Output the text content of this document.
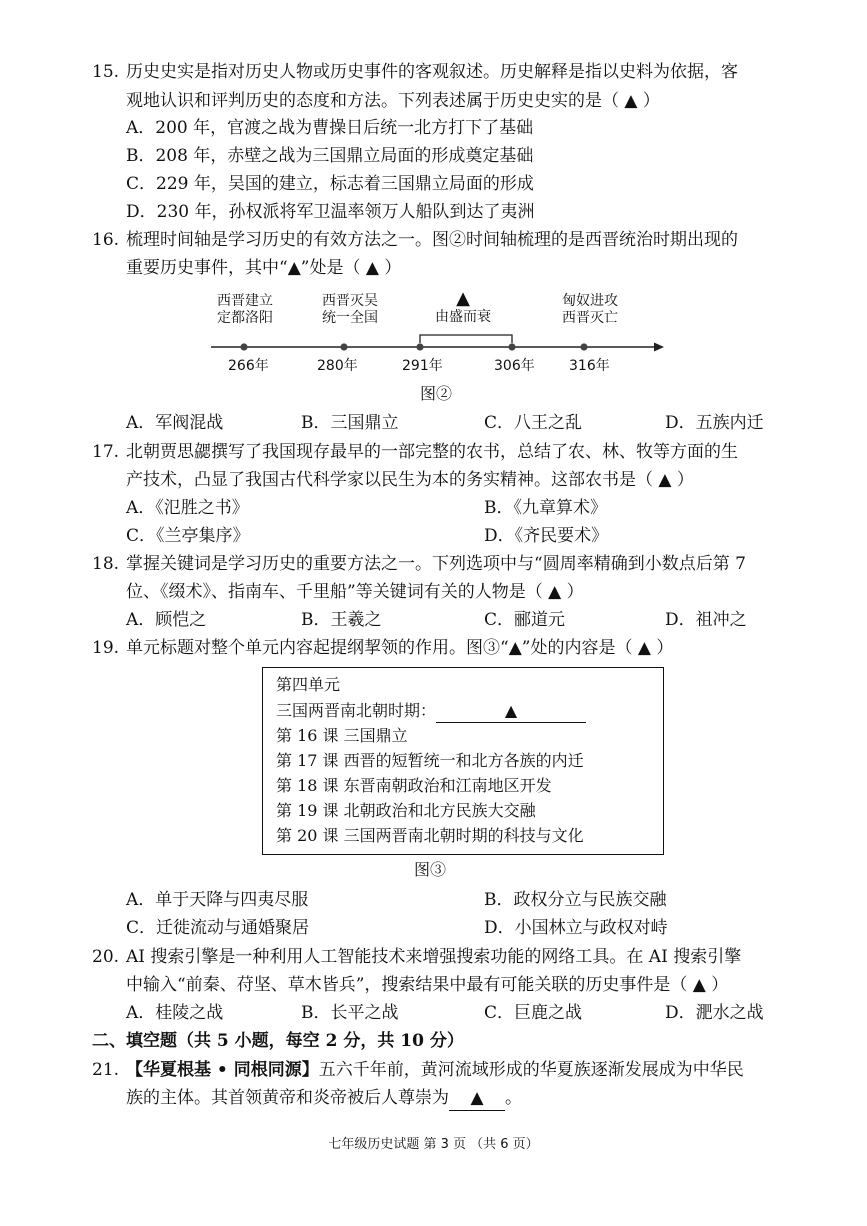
15. 历史史实是指对历史人物或历史事件的客观叙述。历史解释是指以史料为依据，客
观地认识和评判历史的态度和方法。下列表述属于历史史实的是（ ▲ ）
A．200 年，官渡之战为曹操日后统一北方打下了基础
B．208 年，赤壁之战为三国鼎立局面的形成奠定基础
C．229 年，吴国的建立，标志着三国鼎立局面的形成
D．230 年，孙权派将军卫温率领万人船队到达了夷洲
16. 梳理时间轴是学习历史的有效方法之一。图②时间轴梳理的是西晋统治时期出现的
重要历史事件，其中“▲”处是（ ▲ ）
西晋建立
定都洛阳
西晋灭吴
统一全国
▲
由盛而衰
匈奴进攻
西晋灭亡
266年	280年	291年	306年 316年
图②
A．军阀混战	B．三国鼎立	C．八王之乱	D．五族内迁
17. 北朝贾思勰撰写了我国现存最早的一部完整的农书，总结了农、林、牧等方面的生
产技术，凸显了我国古代科学家以民生为本的务实精神。这部农书是（ ▲ ）
A．《氾胜之书》	B．《九章算术》
C．《兰亭集序》	D．《齐民要术》
18. 掌握关键词是学习历史的重要方法之一。下列选项中与“圆周率精确到小数点后第 7
位、《缀术》、指南车、千里船”等关键词有关的人物是（ ▲ ）
A．顾恺之	B．王羲之	C．郦道元	D．祖冲之
19. 单元标题对整个单元内容起提纲挈领的作用。图③“▲”处的内容是（ ▲ ）
第四单元
三国两晋南北朝时期：	▲
第 16 课 三国鼎立
第 17 课 西晋的短暂统一和北方各族的内迁
第 18 课 东晋南朝政治和江南地区开发
第 19 课 北朝政治和北方民族大交融
第 20 课 三国两晋南北朝时期的科技与文化
图③
A．单于天降与四夷尽服	B．政权分立与民族交融
C．迁徙流动与通婚聚居	D．小国林立与政权对峙
20. AI 搜索引擎是一种利用人工智能技术来增强搜索功能的网络工具。在 AI 搜索引擎
中输入“前秦、苻坚、草木皆兵”，搜索结果中最有可能关联的历史事件是（ ▲ ）
A．桂陵之战	B．长平之战	C．巨鹿之战	D．淝水之战
二、填空题（共 5 小题，每空 2 分，共 10 分）
21. 【华夏根基 • 同根同源】五六千年前，黄河流域形成的华夏族逐渐发展成为中华民
族的主体。其首领黄帝和炎帝被后人尊崇为 ▲ 。
七年级历史试题 第 3 页 （共 6 页）
